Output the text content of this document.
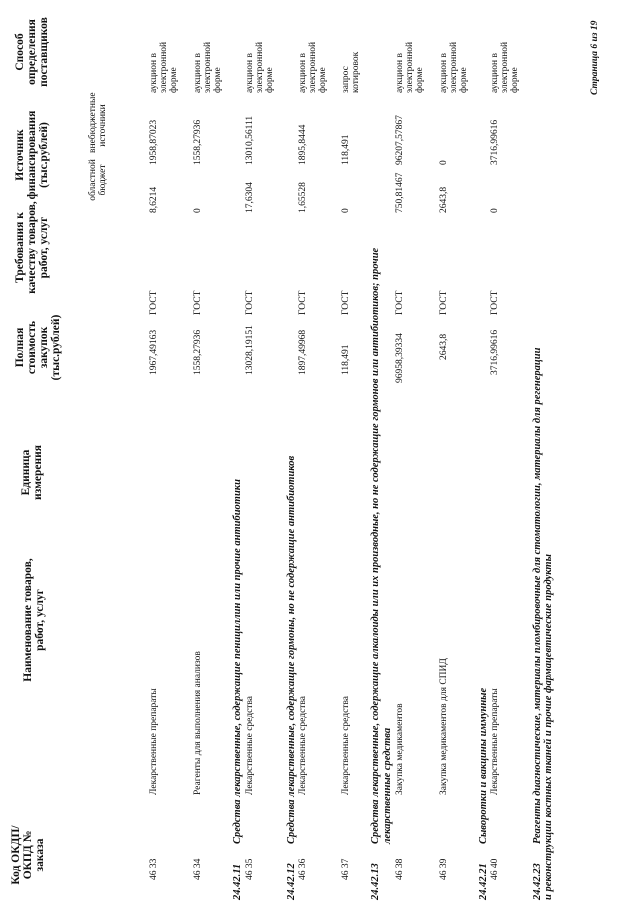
Код ОКДП/ ОКПД № заказа
Наименование товаров, работ, услуг
Единица измерения
Полная стоимость закупок (тыс.рублей)
Требования к качеству товаров, работ, услуг
Источник финансирования (тыс.рублей)	областной бюджет
внебюджетные источники
Способ определения поставщиков
46 33
Лекарственные препараты
1967,49163
ГОСТ
8,6214
1958,87023
аукцион в электронной форме
46 34
Реагенты для выполнения анализов
1558,27936
ГОСТ
0
1558,27936
аукцион в электронной форме
24.42.11Средства лекарственные, содержащие пенициллин или прочие антибиотики
46 35
Лекарственные средства
13028,19151
ГОСТ
17,6304
13010,56111
аукцион в электронной форме
24.42.12Средства лекарственные, содержащие гормоны, но не содержащие антибиотиков
46 36
Лекарственные средства
1897,49968
ГОСТ
1,65528
1895,8444
аукцион в электронной форме
46 37
Лекарственные средства
118,491
ГОСТ
0
118,491
запрос котировок
24.42.13Средства лекарственные, содержащие алкалоиды или их производные, но не содержащие гормонов или антибиотиков; прочие лекарственные средства
46 38
Закупка медикаментов
96958,39334
ГОСТ
750,81467
96207,57867
аукцион в электронной форме
46 39
Закупка медикаментов для СПИД
2643,8
ГОСТ
2643,8
0
аукцион в электронной форме
24.42.21Сыворотки и вакцины иммунные
46 40
Лекарственные препараты
3716,99616
ГОСТ
0
3716,99616
аукцион в электронной форме
24.42.23Реагенты диагностические, материалы пломбировочные для стоматологии, материалы для регенерации и реконструкции костных тканей и прочие фармацевтические продукты
Страница 6 из 19
